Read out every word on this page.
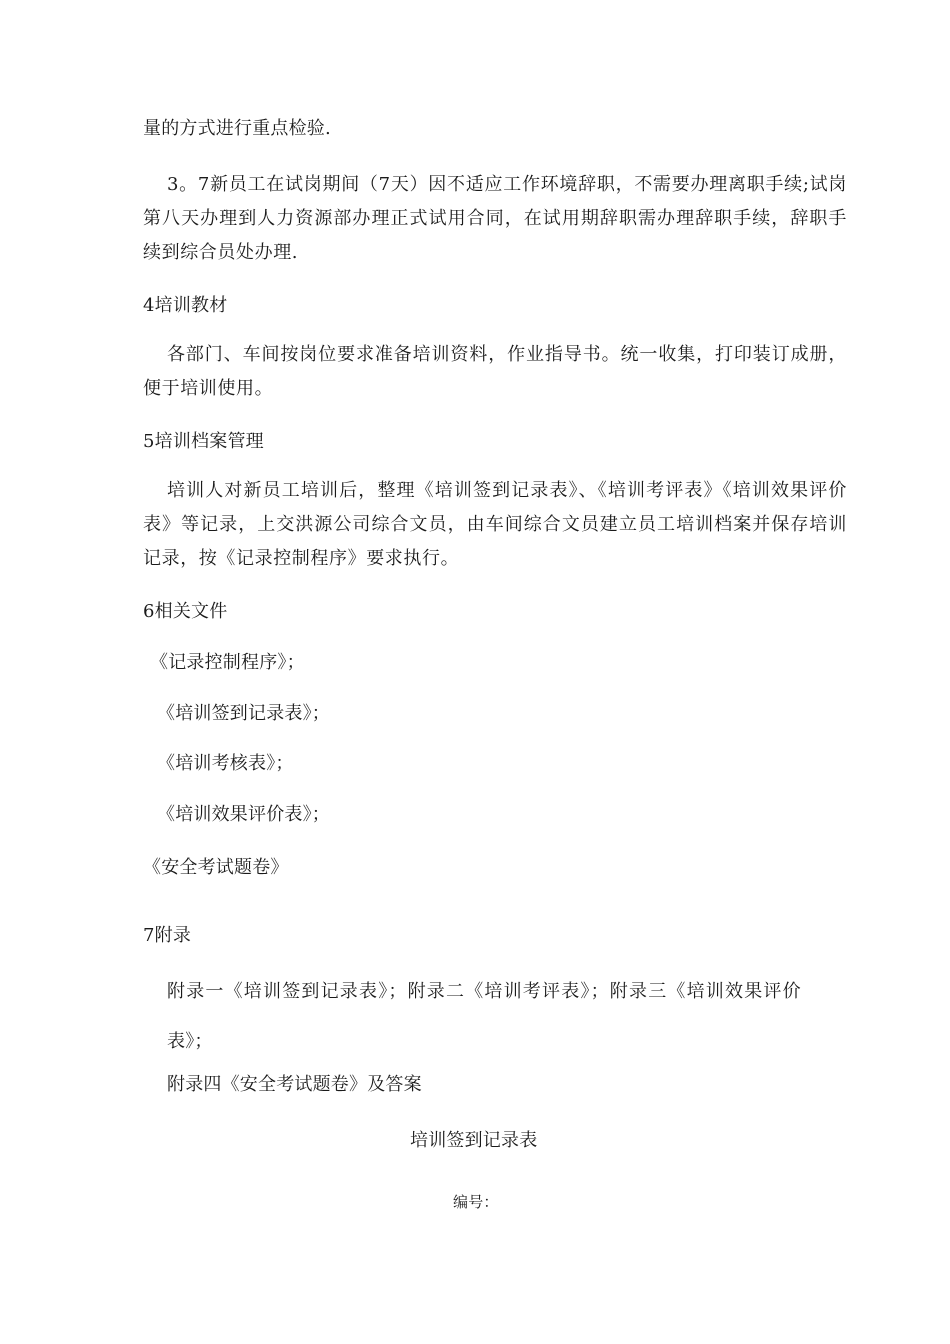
量的方式进行重点检验.
3。7新员工在试岗期间（7天）因不适应工作环境辞职，不需要办理离职手续;试岗第八天办理到人力资源部办理正式试用合同，在试用期辞职需办理辞职手续，辞职手续到综合员处办理.
4培训教材
各部门、车间按岗位要求准备培训资料，作业指导书。统一收集，打印装订成册，便于培训使用。
5培训档案管理
培训人对新员工培训后，整理《培训签到记录表》、《培训考评表》《培训效果评价表》等记录，上交洪源公司综合文员，由车间综合文员建立员工培训档案并保存培训记录，按《记录控制程序》要求执行。
6相关文件
《记录控制程序》；
《培训签到记录表》；
《培训考核表》；
《培训效果评价表》；
《安全考试题卷》
7附录
附录一《培训签到记录表》；附录二《培训考评表》；附录三《培训效果评价
表》；
附录四《安全考试题卷》及答案
培训签到记录表
编号：
